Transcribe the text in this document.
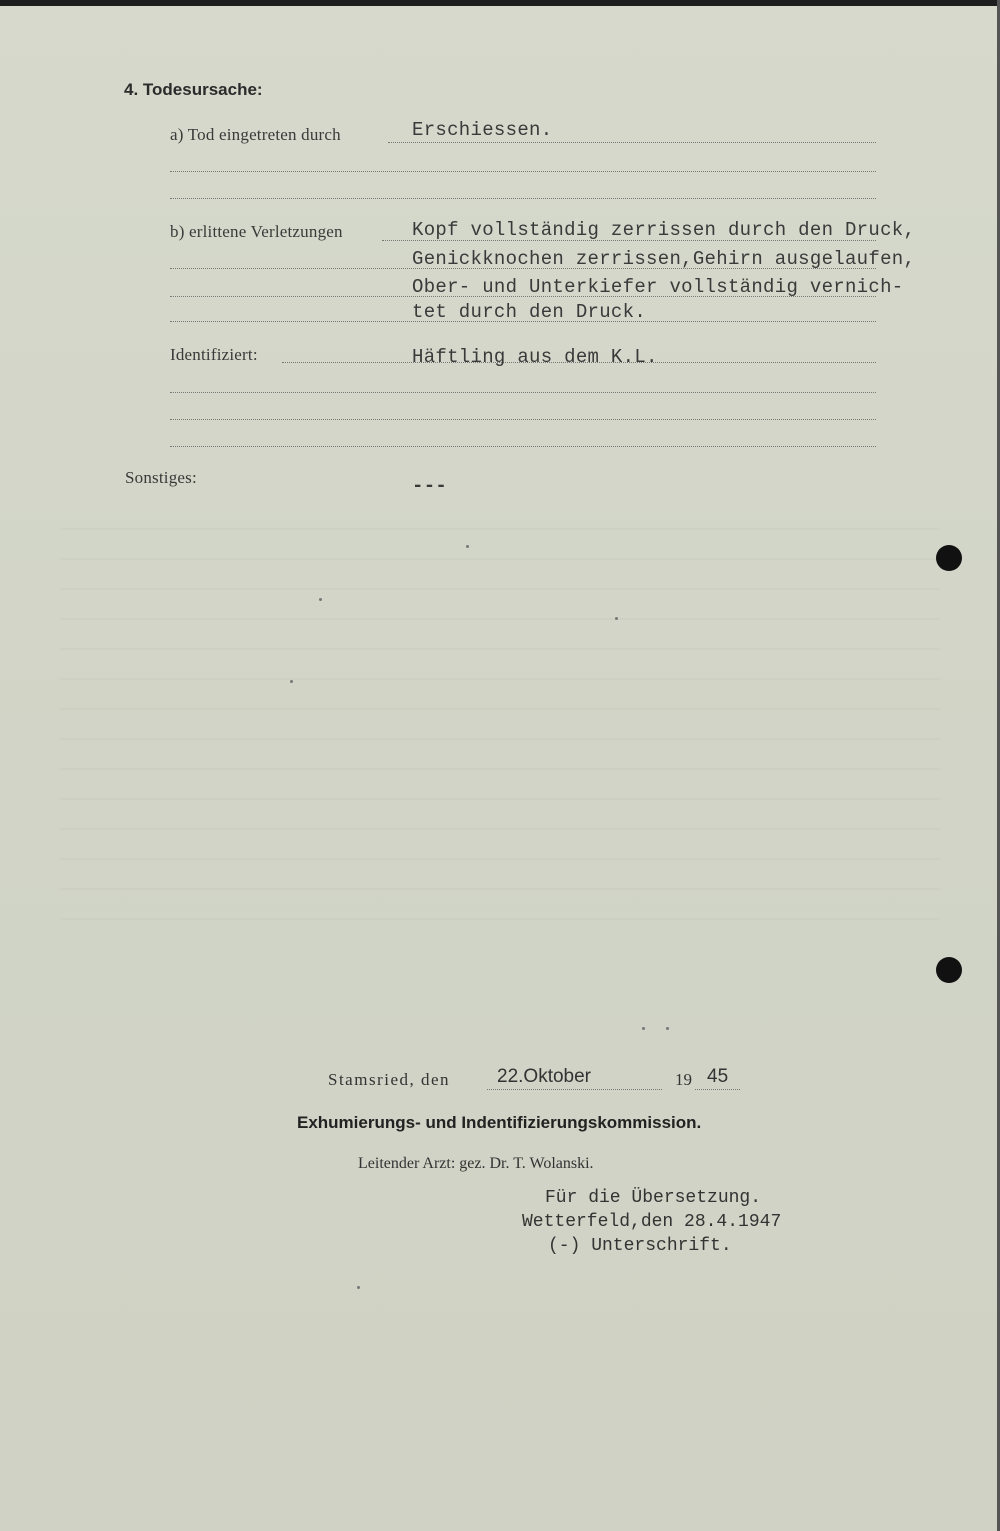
4. Todesursache:
a) Tod eingetreten durch	Erschiessen.
b) erlittene Verletzungen	Kopf vollständig zerrissen durch den Druck,
Genickknochen zerrissen,Gehirn ausgelaufen,
Ober- und Unterkiefer vollständig vernich-
tet durch den Druck.
Identifiziert:	Häftling aus dem K.L.
Sonstiges:	---
Stamsried, den 22.Oktober	19 45
Exhumierungs- und Indentifizierungskommission.
Leitender Arzt: gez. Dr. T. Wolanski.
Für die Übersetzung.
Wetterfeld,den 28.4.1947
(-) Unterschrift.
